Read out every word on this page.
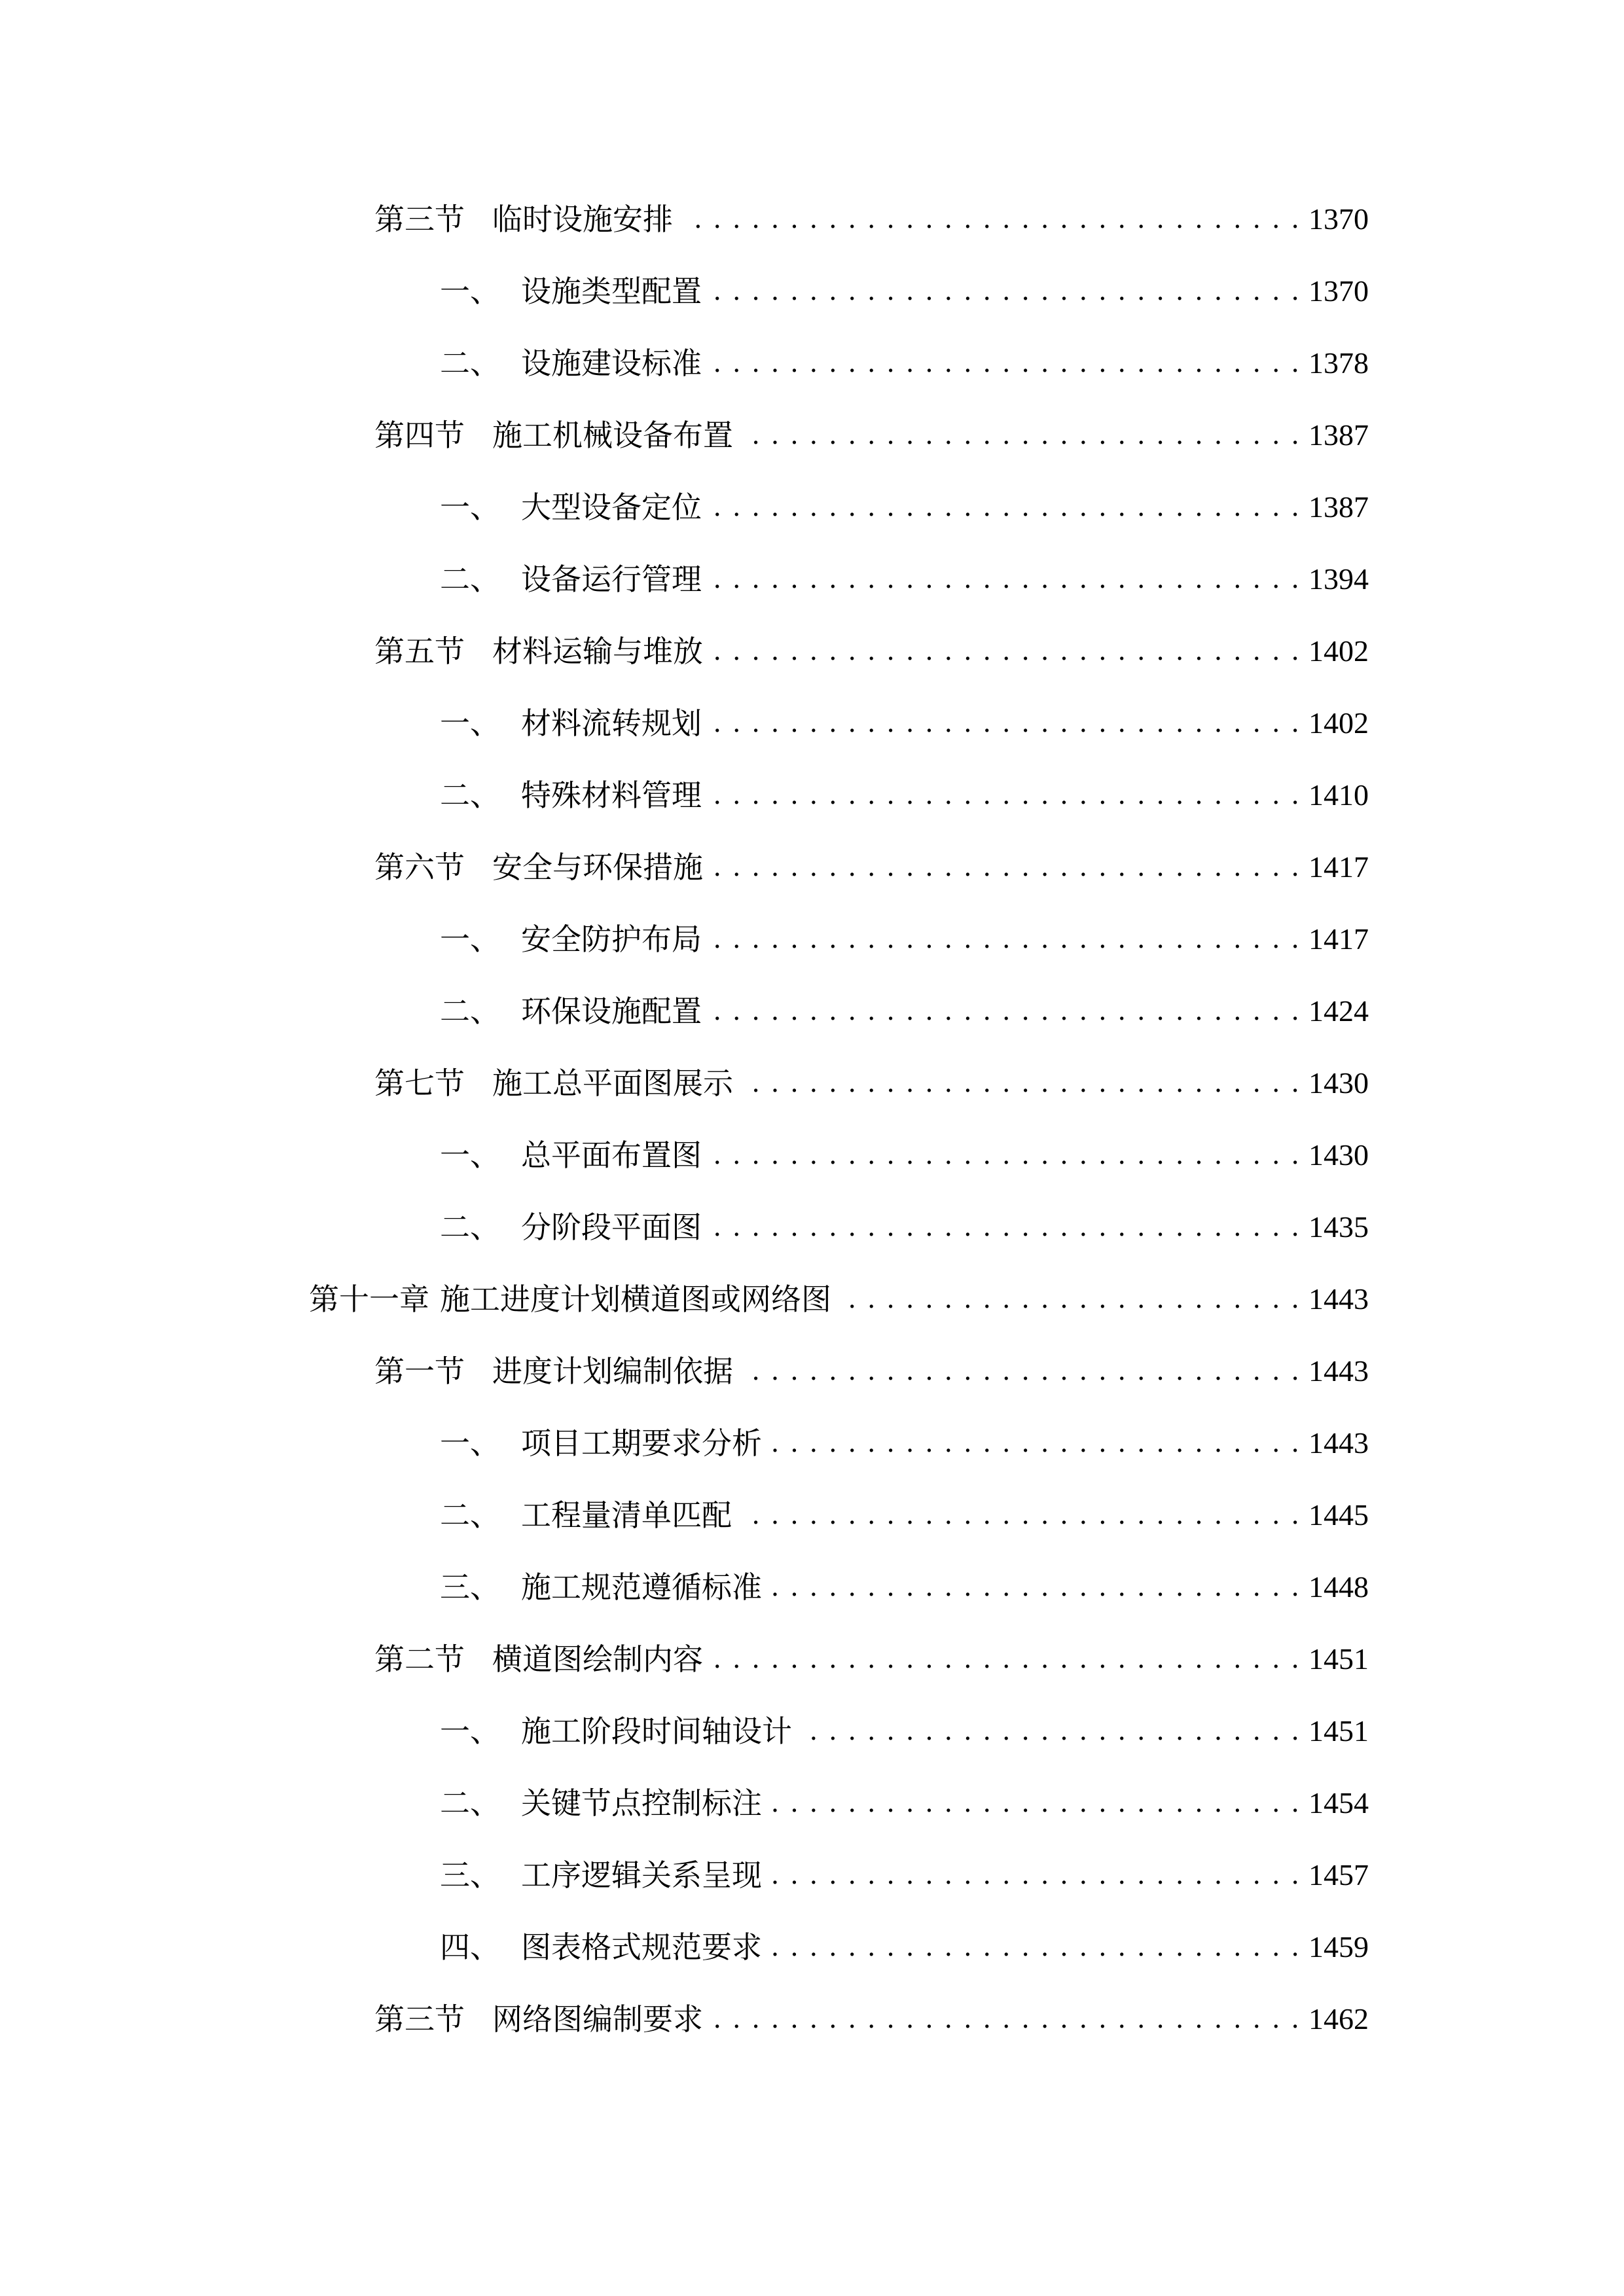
第三节 临时设施安排 . . .	1370
一、 设施类型配置 . . .	1370
二、 设施建设标准 . . .	1378
第四节 施工机械设备布置 . . .	1387
一、 大型设备定位 . . .	1387
二、 设备运行管理 . . .	1394
第五节 材料运输与堆放 . . .	1402
一、 材料流转规划 . . .	1402
二、 特殊材料管理 . . .	1410
第六节 安全与环保措施 . . .	1417
一、 安全防护布局 . . .	1417
二、 环保设施配置 . . .	1424
第七节 施工总平面图展示 . . .	1430
一、 总平面布置图 . . .	1430
二、 分阶段平面图 . . .	1435
第十一章 施工进度计划横道图或网络图 . . .	1443
第一节 进度计划编制依据 . . .	1443
一、 项目工期要求分析 . . .	1443
二、 工程量清单匹配 . . .	1445
三、 施工规范遵循标准 . . .	1448
第二节 横道图绘制内容 . . .	1451
一、 施工阶段时间轴设计 . . .	1451
二、 关键节点控制标注 . . .	1454
三、 工序逻辑关系呈现 . . .	1457
四、 图表格式规范要求 . . .	1459
第三节 网络图编制要求 . . .	1462
